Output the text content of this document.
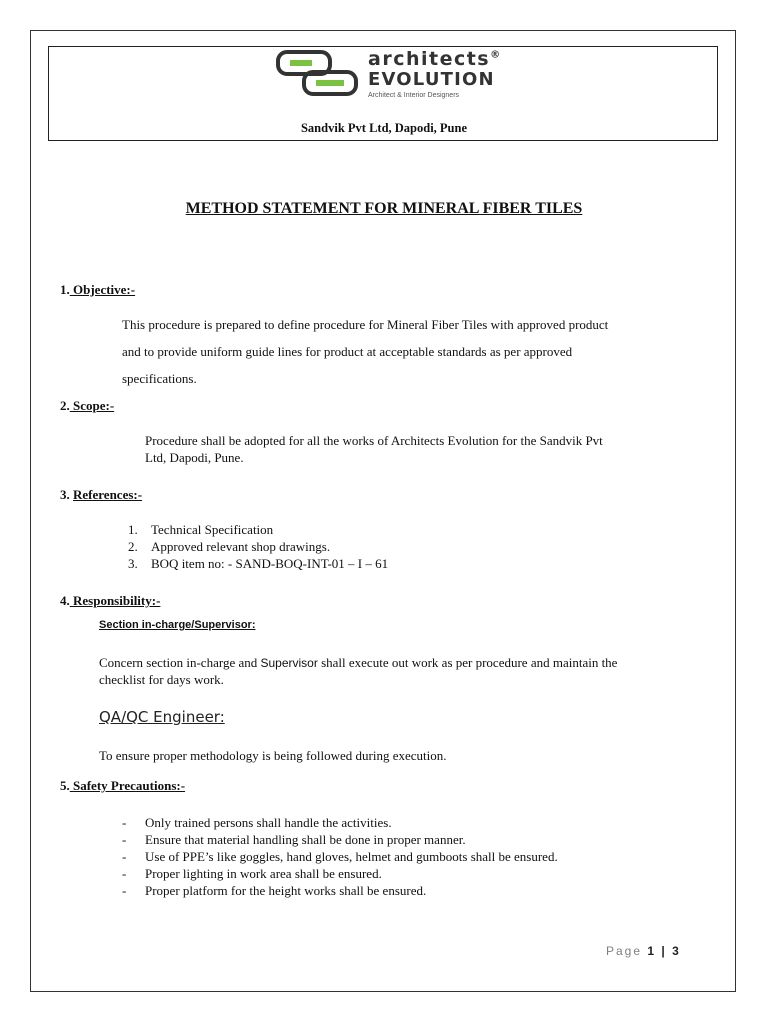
architects®
EVOLUTION
Architect & Interior Designers
Sandvik Pvt Ltd, Dapodi, Pune
METHOD STATEMENT FOR MINERAL FIBER TILES
1. Objective:-
This procedure is prepared to define procedure for Mineral Fiber Tiles with approved product
and to provide uniform guide lines for product at acceptable standards as per approved
specifications.
2. Scope:-
Procedure shall be adopted for all the works of Architects Evolution for the Sandvik Pvt
Ltd, Dapodi, Pune.
3. References:-
1. Technical Specification
2. Approved relevant shop drawings.
3. BOQ item no: - SAND-BOQ-INT-01 – I – 61
4. Responsibility:-
Section in-charge/Supervisor:
Concern section in-charge and Supervisor shall execute out work as per procedure and maintain the
checklist for days work.
QA/QC Engineer:
To ensure proper methodology is being followed during execution.
5. Safety Precautions:-
- Only trained persons shall handle the activities.
- Ensure that material handling shall be done in proper manner.
- Use of PPE’s like goggles, hand gloves, helmet and gumboots shall be ensured.
- Proper lighting in work area shall be ensured.
- Proper platform for the height works shall be ensured.
Page 1 | 3
